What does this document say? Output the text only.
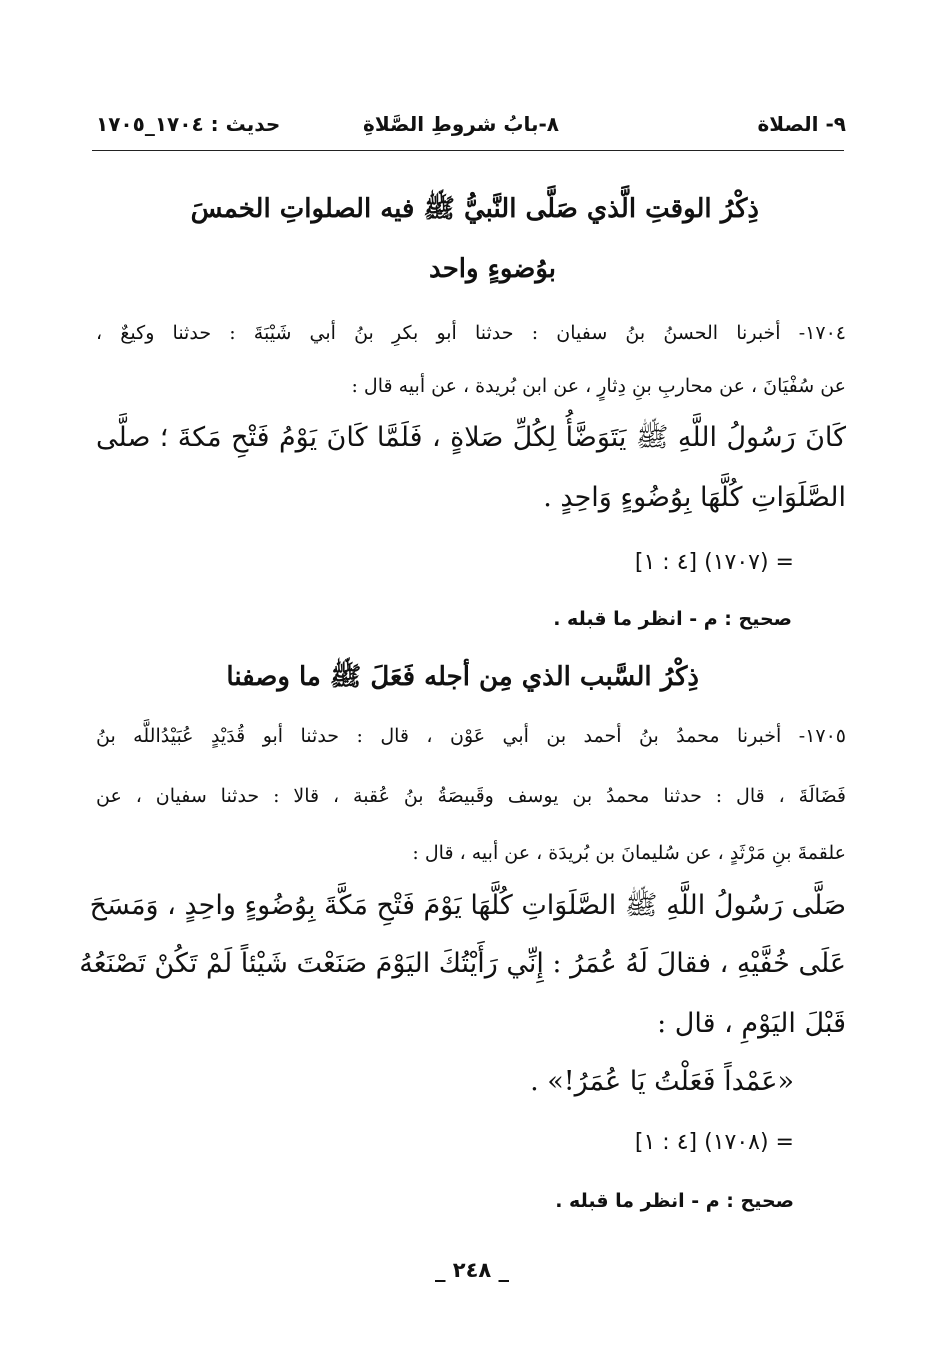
٩- الصلاة
٨-بابُ شروطِ الصَّلاةِ
حديث : ١٧٠٤_١٧٠٥
ذِكْرُ الوقتِ الَّذي صَلَّى النَّبيُّ ﷺ فيه الصلواتِ الخمسَ
بوُضوءٍ واحد
١٧٠٤- أخبرنا الحسنُ بنُ سفيان : حدثنا أبو بكرِ بنُ أبي شَيْبَةَ : حدثنا وكيعٌ ،
عن سُفْيَانَ ، عن محاربِ بنِ دِثارٍ ، عن ابن بُريدة ، عن أبيه قال :
كَانَ رَسُولُ اللَّهِ ﷺ يَتَوَضَّأُ لِكُلِّ صَلاةٍ ، فَلَمَّا كَانَ يَوْمُ فَتْحِ مَكةَ ؛ صلَّى
الصَّلَوَاتِ كُلَّهَا بِوُضُوءٍ وَاحِدٍ .
= (١٧٠٧) [٤ : ١]
صحيح : م - انظر ما قبله .
ذِكْرُ السَّبب الذي مِن أجله فَعَلَ ﷺ ما وصفنا
١٧٠٥- أخبرنا محمدُ بنُ أحمد بن أبي عَوْن ، قال : حدثنا أبو قُدَيْدٍ عُبَيْدُاللَّه بنُ
فَضَالَةَ ، قال : حدثنا محمدُ بن يوسف وقَبيصَةُ بنُ عُقبة ، قالا : حدثنا سفيان ، عن
علقمةَ بنِ مَرْثَدٍ ، عن سُليمانَ بن بُريدَة ، عن أبيه ، قال :
صَلَّى رَسُولُ اللَّهِ ﷺ الصَّلَوَاتِ كُلَّهَا يَوْمَ فَتْحِ مَكَّةَ بِوُضُوءٍ واحِدٍ ، وَمَسَحَ
عَلَى خُفَّيْهِ ، فقالَ لَهُ عُمَرُ : إِنِّي رَأَيْتُكَ اليَوْمَ صَنَعْتَ شَيْئاً لَمْ تَكُنْ تَصْنَعُهُ
قَبْلَ اليَوْمِ ، قال :
«عَمْداً فَعَلْتُ يَا عُمَرُ!» .
= (١٧٠٨) [٤ : ١]
صحيح : م - انظر ما قبله .
_ ٢٤٨ _
